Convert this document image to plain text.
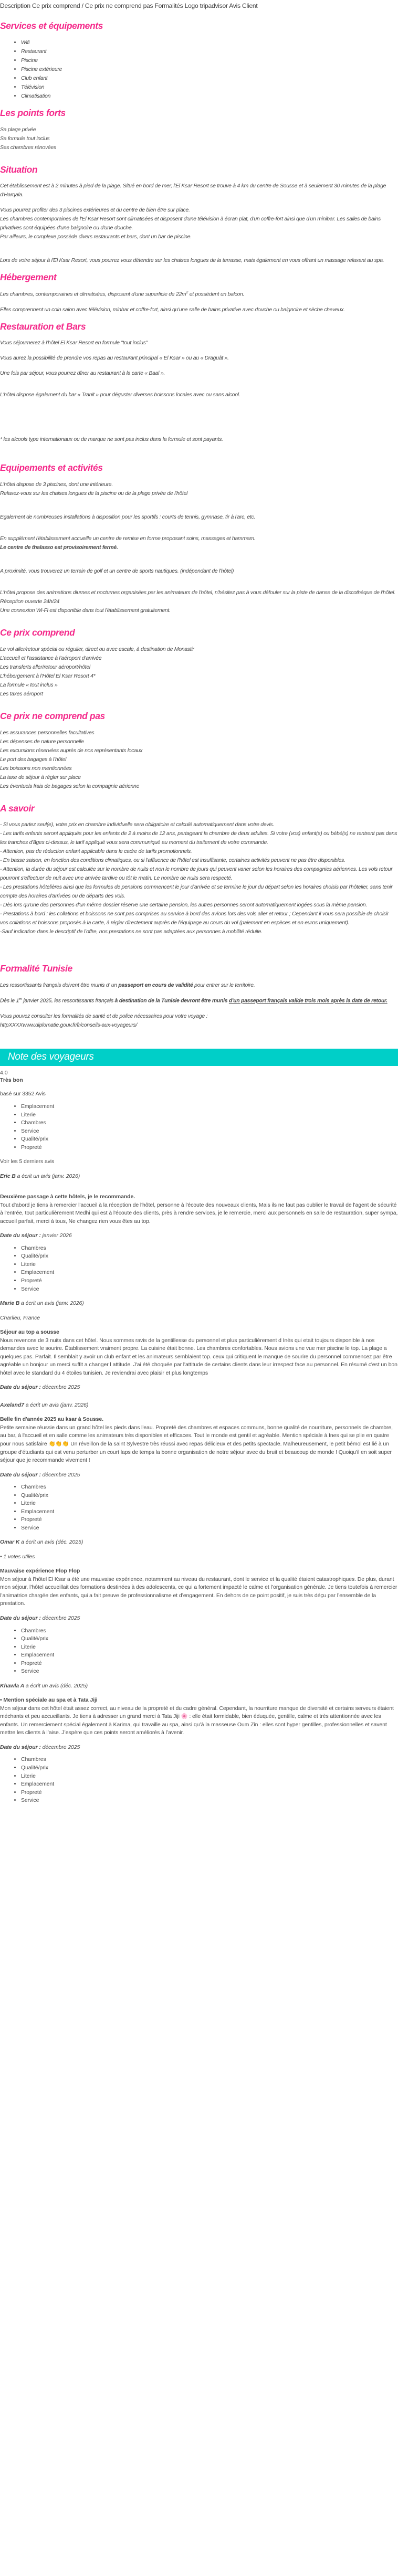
Description Ce prix comprend / Ce prix ne comprend pas Formalités Logo tripadvisor Avis Client
Services et équipements
• Wifi
• Restaurant
• Piscine
• Piscine extérieure
• Club enfant
• Télévision
• Climatisation
Les points forts
Sa plage privée
Sa formule tout inclus
Ses chambres rénovées
Situation

Cet établissement est à 2 minutes à pied de la plage. Situé en bord de mer, l'El Ksar Resort se trouve à 4 km du centre de Sousse et à seulement 30 minutes de la plage d'Harqala.

Vous pourrez profiter des 3 piscines extérieures et du centre de bien être sur place.
Les chambres contemporaines de l'El Ksar Resort sont climatisées et disposent d'une télévision à écran plat, d'un coffre-fort ainsi que d'un minibar. Les salles de bains privatives sont équipées d'une baignoire ou d'une douche.
Par ailleurs, le complexe possède divers restaurants et bars, dont un bar de piscine.

Lors de votre séjour à l'El Ksar Resort, vous pourrez vous détendre sur les chaises longues de la terrasse, mais également en vous offrant un massage relaxant au spa.

Hébergement

Les chambres, contemporaines et climatisées, disposent d'une superficie de $22m^2$ et possèdent un balcon.

Elles comprennent un coin salon avec télévision, minbar et coffre-fort, ainsi qu'une salle de bains privative avec douche ou baignoire et sèche cheveux.

Restauration et Bars

Vous séjournerez à l'hôtel El Ksar Resort en formule "tout inclus"

Vous aurez la possibilité de prendre vos repas au restaurant principal « El Ksar » ou au « Draguât ».

Une fois par séjour, vous pourrez dîner au restaurant à la carte « Baal ».

L'hôtel dispose également du bar « Tranit » pour déguster diverses boissons locales avec ou sans alcool.

* les alcools type internationaux ou de marque ne sont pas inclus dans la formule et sont payants.

Equipements et activités
L'hôtel dispose de 3 piscines, dont une intérieure.
Relaxez-vous sur les chaises longues de la piscine ou de la plage privée de l'hôtel

Egalement de nombreuses installations à disposition pour les sportifs : courts de tennis, gymnase, tir à l'arc, etc.

En supplément l'établissement accueille un centre de remise en forme proposant soins, massages et hammam.
Le centre de thalasso est provisoirement fermé.

A proximité, vous trouverez un terrain de golf et un centre de sports nautiques. (indépendant de l'hôtel)

L'hôtel propose des animations diurnes et nocturnes organisées par les animateurs de l'hôtel, n'hésitez pas à vous défouler sur la piste de danse de la discothèque de l'hôtel.
Réception ouverte 24h/24
Une connexion Wi-Fi est disponible dans tout l'établissement gratuitement.
Ce prix comprend
Le vol aller/retour spécial ou régulier, direct ou avec escale, à destination de Monastir
L’accueil et l’assistance à l’aéroport d’arrivée
Les transferts aller/retour aéroport/hôtel
L’hébergement à l’Hôtel El Ksar Resort 4*
La formule « tout inclus »
Les taxes aéroport
Ce prix ne comprend pas
Les assurances personnelles facultatives
Les dépenses de nature personnelle
Les excursions réservées auprès de nos représentants locaux
Le port des bagages à l’hôtel
Les boissons non mentionnées
La taxe de séjour à régler sur place
Les éventuels frais de bagages selon la compagnie aérienne
A savoir
- Si vous partez seul(e), votre prix en chambre individuelle sera obligatoire et calculé automatiquement dans votre devis.
- Les tarifs enfants seront appliqués pour les enfants de 2 à moins de 12 ans, partageant la chambre de deux adultes. Si votre (vos) enfant(s) ou bébé(s) ne rentrent pas dans les tranches d'âges ci-dessus, le tarif appliqué vous sera communiqué au moment du traitement de votre commande.
- Attention, pas de réduction enfant applicable dans le cadre de tarifs promotionnels.
- En basse saison, en fonction des conditions climatiques, ou si l'affluence de l'hôtel est insuffisante, certaines activités peuvent ne pas être disponibles.
- Attention, la durée du séjour est calculée sur le nombre de nuits et non le nombre de jours qui peuvent varier selon les horaires des compagnies aériennes. Les vols retour pourront s'effectuer de nuit avec une arrivée tardive ou tôt le matin. Le nombre de nuits sera respecté.
- Les prestations hôtelières ainsi que les formules de pensions commencent le jour d'arrivée et se termine le jour du départ selon les horaires choisis par l'hôtelier, sans tenir compte des horaires d'arrivées ou de départs des vols.
- Dès lors qu'une des personnes d'un même dossier réserve une certaine pension, les autres personnes seront automatiquement logées sous la même pension.
- Prestations à bord : les collations et boissons ne sont pas comprises au service à bord des avions lors des vols aller et retour ; Cependant il vous sera possible de choisir vos collations et boissons proposés à la carte, à régler directement auprès de l'équipage au cours du vol (paiement en espèces et en euros uniquement).
-Sauf indication dans le descriptif de l’offre, nos prestations ne sont pas adaptées aux personnes à mobilité réduite.
Formalité Tunisie

Les ressortissants français doivent être munis d' un passeport en cours de validité pour entrer sur le territoire.

Dès le 1er janvier 2025, les ressortissants français à destination de la Tunisie devront être munis d'un passeport français valide trois mois après la date de retour.

Vous pouvez consulter les formalités de santé et de police nécessaires pour votre voyage :
httpXXXXwww.diplomatie.gouv.fr/fr/conseils-aux-voyageurs/
Note des voyageurs
4.0
Très bon
basé sur 3352 Avis
• Emplacement
• Literie
• Chambres
• Service
• Qualité/prix
• Propreté

Voir les 5 derniers avis

Eric B a écrit un avis (janv. 2026)
Deuxième passage à cette hôtels, je le recommande.
Tout d'abord je tiens à remercier l'accueil à la réception de l'hôtel, personne à l'écoute des nouveaux clients, Mais ils ne faut pas oublier le travail de l'agent de sécurité à l'entrée, tout particulièrement Medhi qui est à l'écoute des clients, près à rendre services, je le remercie, merci aux personnels en salle de restauration, super sympa, accueil parfait, merci à tous, Ne changez rien vous êtes au top.
Date du séjour : janvier 2026
• Chambres
• Qualité/prix
• Literie
• Emplacement
• Propreté
• Service
Marie B a écrit un avis (janv. 2026)
Charlieu, France
Séjour au top a sousse
Nous revenons de 3 nuits dans cet hôtel. Nous sommes ravis de la gentillesse du personnel et plus particulièrement d Inès qui etait toujours disponible à nos demandes avec le sourire. Établissement vraiment propre. La cuisine était bonne. Les chambres confortables. Nous avions une vue mer piscine le top. La plage a quelques pas. Parfait. Il semblait y avoir un club enfant et les animateurs semblaient top. ceux qui critiquent le manque de sourire du personnel commencez par être agréable un bonjour un merci suffit a changer l attitude. J'ai été choquée par l'attitude de certains clients dans leur irrespect face au personnel. En résumé c'est un bon hôtel avec le standard du 4 étoiles tunisien. Je reviendrai avec plaisir et plus longtemps
Date du séjour : décembre 2025
Axeland7 a écrit un avis (janv. 2026)
Belle fin d'année 2025 au ksar à Sousse.
Petite semaine réussie dans un grand hôtel les pieds dans l'eau. Propreté des chambres et espaces communs, bonne qualité de nourriture, personnels de chambre, au bar, à l'accueil et en salle comme les animateurs très disponibles et efficaces. Tout le monde est gentil et agréable. Mention spéciale à Ines qui se plie en quatre pour nous satisfaire 👏👏👏 Un réveillon de la saint Sylvestre très réussi avec repas délicieux et des petits spectacle. Malheureusement, le petit bémol est lié à un groupe d'étudiants qui est venu perturber un court laps de temps la bonne organisation de notre séjour avec du bruit et beaucoup de monde ! Quoiqu'il en soit super séjour que je recommande vivement !
Date du séjour : décembre 2025
• Chambres
• Qualité/prix
• Literie
• Emplacement
• Propreté
• Service
Omar K a écrit un avis (déc. 2025)
• 1 votes utiles
Mauvaise expérience Flop Flop
Mon séjour à l’hôtel El Ksar a été une mauvaise expérience, notamment au niveau du restaurant, dont le service et la qualité étaient catastrophiques. De plus, durant mon séjour, l’hôtel accueillait des formations destinées à des adolescents, ce qui a fortement impacté le calme et l’organisation générale. Je tiens toutefois à remercier l’animatrice chargée des enfants, qui a fait preuve de professionnalisme et d’engagement. En dehors de ce point positif, je suis très déçu par l’ensemble de la prestation.
Date du séjour : décembre 2025
• Chambres
• Qualité/prix
• Literie
• Emplacement
• Propreté
• Service
Khawla A a écrit un avis (déc. 2025)
• Mention spéciale au spa et à Tata Jiji
Mon séjour dans cet hôtel était assez correct, au niveau de la propreté et du cadre général. Cependant, la nourriture manque de diversité et certains serveurs étaient méchants et peu accueillants. Je tiens à adresser un grand merci à Tata Jiji 🌸 : elle était formidable, bien éduquée, gentille, calme et très attentionnée avec les enfants. Un remerciement spécial également à Karima, qui travaille au spa, ainsi qu’à la masseuse Oum Zin : elles sont hyper gentilles, professionnelles et savent mettre les clients à l’aise. J’espère que ces points seront améliorés à l’avenir.
Date du séjour : décembre 2025
• Chambres
• Qualité/prix
• Literie
• Emplacement
• Propreté
• Service
